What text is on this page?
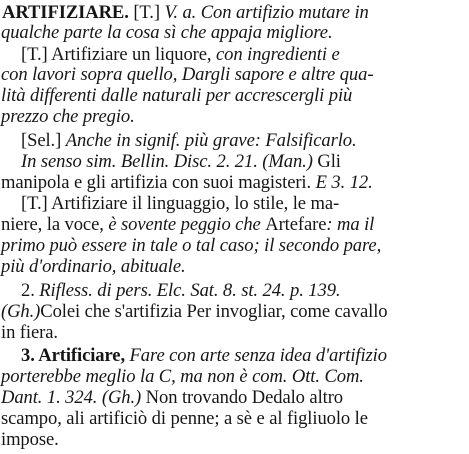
ARTIFIZIARE. [T.] V. a. Con artifizio mutare in
qualche parte la cosa sì che appaja migliore.
[T.] Artifiziare un liquore, con ingredienti e
con lavori sopra quello, Dargli sapore e altre qua-
lità differenti dalle naturali per accrescergli più
prezzo che pregio.
[Sel.] Anche in signif. più grave: Falsificarlo.
In senso sim. Bellin. Disc. 2. 21. (Man.) Gli
manipola e gli artifizia con suoi magisteri. E 3. 12.
[T.] Artifiziare il linguaggio, lo stile, le ma-
niere, la voce, è sovente peggio che Artefare: ma il
primo può essere in tale o tal caso; il secondo pare,
più d'ordinario, abituale.
2. Rifless. di pers. Elc. Sat. 8. st. 24. p. 139.
(Gh.)Colei che s'artifizia Per invogliar, come cavallo
in fiera.
3. Artificiare, Fare con arte senza idea d'artifizio
porterebbe meglio la C, ma non è com. Ott. Com.
Dant. 1. 324. (Gh.) Non trovando Dedalo altro
scampo, ali artificiò di penne; a sè e al figliuolo le
impose.
